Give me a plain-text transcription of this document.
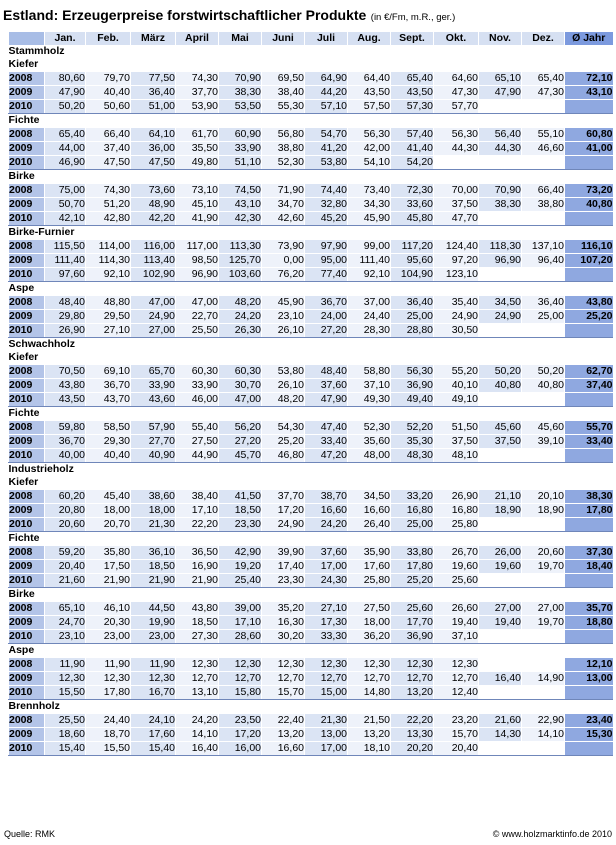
Estland: Erzeugerpreise forstwirtschaftlicher Produkte (in €/Fm, m.R., ger.)
	Jan.	Feb.	März	April	Mai	Juni	Juli	Aug.	Sept.	Okt.	Nov.	Dez.	Ø Jahr
Stammholz													
Kiefer													
2008	80,60	79,70	77,50	74,30	70,90	69,50	64,90	64,40	65,40	64,60	65,10	65,40	72,10
2009	47,90	40,40	36,40	37,70	38,30	38,40	44,20	43,50	43,50	47,30	47,90	47,30	43,10
2010	50,20	50,60	51,00	53,90	53,50	55,30	57,10	57,50	57,30	57,70			
Fichte													
2008	65,40	66,40	64,10	61,70	60,90	56,80	54,70	56,30	57,40	56,30	56,40	55,10	60,80
2009	44,00	37,40	36,00	35,50	33,90	38,80	41,20	42,00	41,40	44,30	44,30	46,60	41,00
2010	46,90	47,50	47,50	49,80	51,10	52,30	53,80	54,10	54,20				
Birke													
2008	75,00	74,30	73,60	73,10	74,50	71,90	74,40	73,40	72,30	70,00	70,90	66,40	73,20
2009	50,70	51,20	48,90	45,10	43,10	34,70	32,80	34,30	33,60	37,50	38,30	38,80	40,80
2010	42,10	42,80	42,20	41,90	42,30	42,60	45,20	45,90	45,80	47,70			
Birke-Furnier													
2008	115,50	114,00	116,00	117,00	113,30	73,90	97,90	99,00	117,20	124,40	118,30	137,10	116,10
2009	111,40	114,30	113,40	98,50	125,70	0,00	95,00	111,40	95,60	97,20	96,90	96,40	107,20
2010	97,60	92,10	102,90	96,90	103,60	76,20	77,40	92,10	104,90	123,10			
Aspe													
2008	48,40	48,80	47,00	47,00	48,20	45,90	36,70	37,00	36,40	35,40	34,50	36,40	43,80
2009	29,80	29,50	24,90	22,70	24,20	23,10	24,00	24,40	25,00	24,90	24,90	25,00	25,20
2010	26,90	27,10	27,00	25,50	26,30	26,10	27,20	28,30	28,80	30,50			
Schwachholz													
Kiefer													
2008	70,50	69,10	65,70	60,30	60,30	53,80	48,40	58,80	56,30	55,20	50,20	50,20	62,70
2009	43,80	36,70	33,90	33,90	30,70	26,10	37,60	37,10	36,90	40,10	40,80	40,80	37,40
2010	43,50	43,70	43,60	46,00	47,00	48,20	47,90	49,30	49,40	49,10			
Fichte													
2008	59,80	58,50	57,90	55,40	56,20	54,30	47,40	52,30	52,20	51,50	45,60	45,60	55,70
2009	36,70	29,30	27,70	27,50	27,20	25,20	33,40	35,60	35,30	37,50	37,50	39,10	33,40
2010	40,00	40,40	40,90	44,90	45,70	46,80	47,20	48,00	48,30	48,10			
Industrieholz													
Kiefer													
2008	60,20	45,40	38,60	38,40	41,50	37,70	38,70	34,50	33,20	26,90	21,10	20,10	38,30
2009	20,80	18,00	18,00	17,10	18,50	17,20	16,60	16,60	16,80	16,80	18,90	18,90	17,80
2010	20,60	20,70	21,30	22,20	23,30	24,90	24,20	26,40	25,00	25,80			
Fichte													
2008	59,20	35,80	36,10	36,50	42,90	39,90	37,60	35,90	33,80	26,70	26,00	20,60	37,30
2009	20,40	17,50	18,50	16,90	19,20	17,40	17,00	17,60	17,80	19,60	19,60	19,70	18,40
2010	21,60	21,90	21,90	21,90	25,40	23,30	24,30	25,80	25,20	25,60			
Birke													
2008	65,10	46,10	44,50	43,80	39,00	35,20	27,10	27,50	25,60	26,60	27,00	27,00	35,70
2009	24,70	20,30	19,90	18,50	17,10	16,30	17,30	18,00	17,70	19,40	19,40	19,70	18,80
2010	23,10	23,00	23,00	27,30	28,60	30,20	33,30	36,20	36,90	37,10			
Aspe													
2008	11,90	11,90	11,90	12,30	12,30	12,30	12,30	12,30	12,30	12,30			12,10
2009	12,30	12,30	12,30	12,70	12,70	12,70	12,70	12,70	12,70	12,70	16,40	14,90	13,00
2010	15,50	17,80	16,70	13,10	15,80	15,70	15,00	14,80	13,20	12,40			
Brennholz													
2008	25,50	24,40	24,10	24,20	23,50	22,40	21,30	21,50	22,20	23,20	21,60	22,90	23,40
2009	18,60	18,70	17,60	14,10	17,20	13,20	13,00	13,20	13,30	15,70	14,30	14,10	15,30
2010	15,40	15,50	15,40	16,40	16,00	16,60	17,00	18,10	20,20	20,40			
Quelle: RMK	© www.holzmarktinfo.de 2010
